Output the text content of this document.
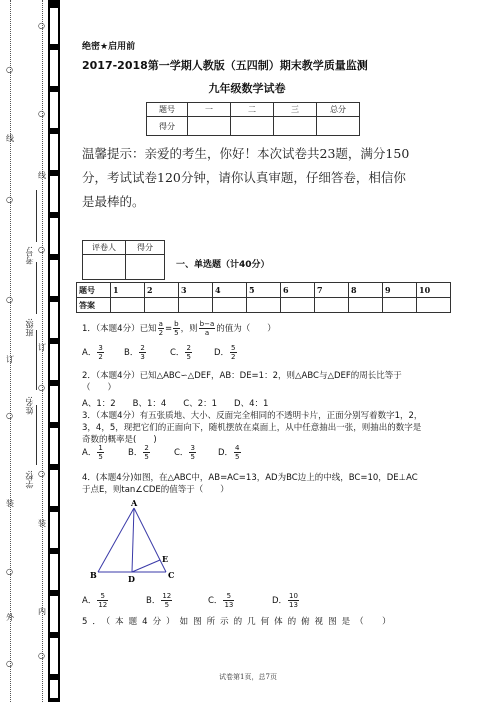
○
○
○
○
○
○
线
订
装
外
○
○
○
○
○
○
线
订
装
内
学校:
姓名:
班级:
考号:
绝密★启用前
2017-2018第一学期人教版（五四制）期末教学质量监测
九年级数学试卷
题号	一	二	三	总分
得分				
温馨提示：亲爱的考生，你好！本次试卷共23题，满分150分，考试试卷120分钟，请你认真审题，仔细答卷，相信你是最棒的。
评卷人	得分

一、单选题（计40分）
题号	1	2	3	4	5	6	7	8	9	10
答案										
1．（本题4分）已知 $\frac{a}{2} = \frac{b}{5}$ ，则 $\frac{b-a}{a}$ 的值为（　　）
A． $\frac{3}{2}$ B． $\frac{2}{3}$	C． $\frac{2}{5}$	D． $\frac{5}{2}$
2．（本题4分）已知△ABC∽△DEF，AB：DE=1：2，则△ABC与△DEF的周长比等于（　　）
A、1：2　　B、1：4　　C、2：1　　D、4：1
3．（本题4分）有五张质地、大小、反面完全相同的不透明卡片，正面分别写着数字1，2，3，4，5，现把它们的正面向下，随机摆放在桌面上，从中任意抽出一张，则抽出的数字是奇数的概率是(　　)
A． $\frac{1}{5}$	B． $\frac{2}{5}$	C． $\frac{3}{5}$	D． $\frac{4}{5}$
4．(本题4分)如图，在△ABC中，AB=AC=13，AD为BC边上的中线，BC=10，DE⊥AC于点E，则tan∠CDE的值等于（　　）
A
B	D	C
E
A． $\frac{5}{12}$	B． $\frac{12}{5}$	C． $\frac{5}{13}$	D． $\frac{10}{13}$
5．（本题4分）如图所示的几何体的俯视图是（　）
试卷第1页，总7页
